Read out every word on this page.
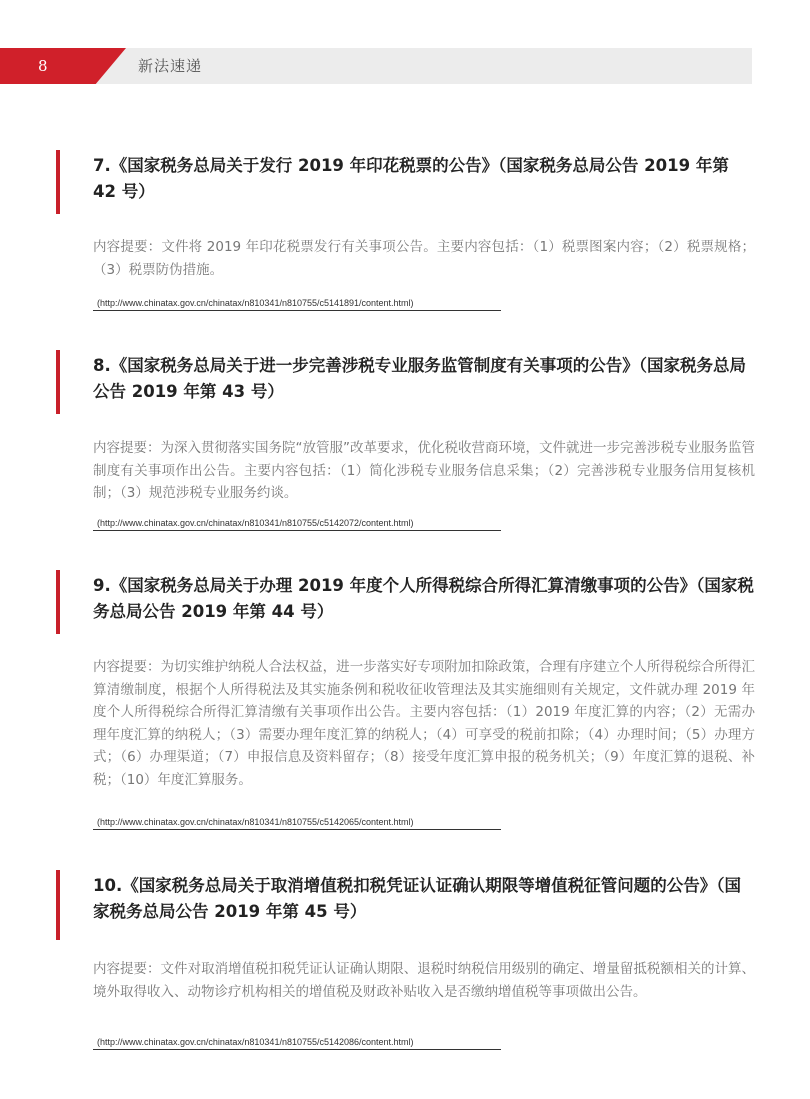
8	新法速递
7.《国家税务总局关于发行 2019 年印花税票的公告》（国家税务总局公告 2019 年第 42 号）
内容提要：文件将 2019 年印花税票发行有关事项公告。主要内容包括：（1）税票图案内容；（2）税票规格；（3）税票防伪措施。
(http://www.chinatax.gov.cn/chinatax/n810341/n810755/c5141891/content.html)
8.《国家税务总局关于进一步完善涉税专业服务监管制度有关事项的公告》（国家税务总局公告 2019 年第 43 号）
内容提要：为深入贯彻落实国务院“放管服”改革要求，优化税收营商环境，文件就进一步完善涉税专业服务监管制度有关事项作出公告。主要内容包括：（1）简化涉税专业服务信息采集；（2）完善涉税专业服务信用复核机制；（3）规范涉税专业服务约谈。
(http://www.chinatax.gov.cn/chinatax/n810341/n810755/c5142072/content.html)
9.《国家税务总局关于办理 2019 年度个人所得税综合所得汇算清缴事项的公告》（国家税务总局公告 2019 年第 44 号）
内容提要：为切实维护纳税人合法权益，进一步落实好专项附加扣除政策，合理有序建立个人所得税综合所得汇算清缴制度，根据个人所得税法及其实施条例和税收征收管理法及其实施细则有关规定，文件就办理 2019 年度个人所得税综合所得汇算清缴有关事项作出公告。主要内容包括：（1）2019 年度汇算的内容；（2）无需办理年度汇算的纳税人；（3）需要办理年度汇算的纳税人；（4）可享受的税前扣除；（4）办理时间；（5）办理方式；（6）办理渠道；（7）申报信息及资料留存；（8）接受年度汇算申报的税务机关；（9）年度汇算的退税、补税；（10）年度汇算服务。
(http://www.chinatax.gov.cn/chinatax/n810341/n810755/c5142065/content.html)
10.《国家税务总局关于取消增值税扣税凭证认证确认期限等增值税征管问题的公告》（国家税务总局公告 2019 年第 45 号）
内容提要：文件对取消增值税扣税凭证认证确认期限、退税时纳税信用级别的确定、增量留抵税额相关的计算、境外取得收入、动物诊疗机构相关的增值税及财政补贴收入是否缴纳增值税等事项做出公告。
(http://www.chinatax.gov.cn/chinatax/n810341/n810755/c5142086/content.html)
